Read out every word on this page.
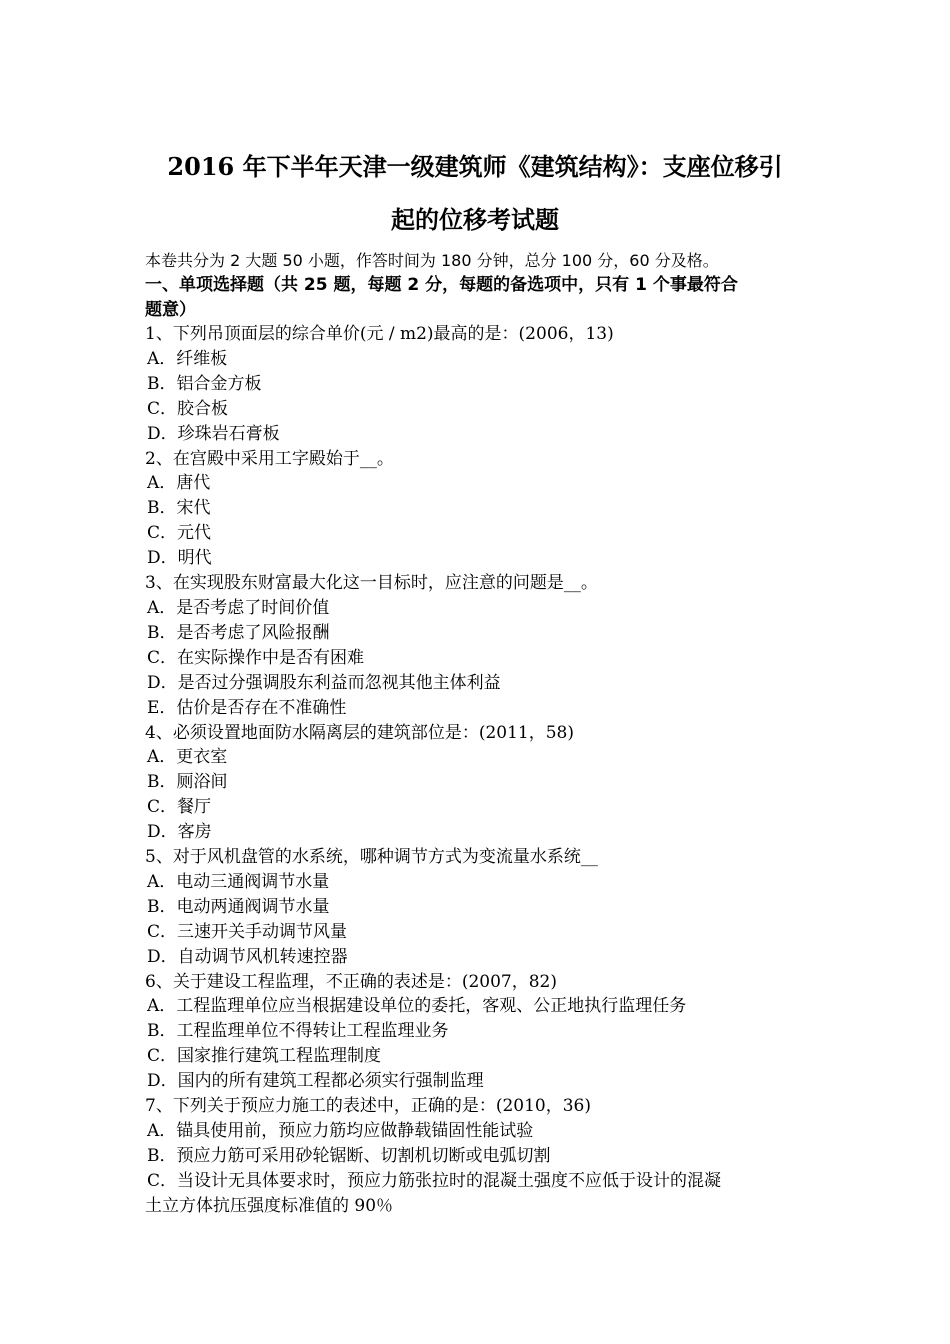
2016 年下半年天津一级建筑师《建筑结构》：支座位移引
起的位移考试题
本卷共分为 2 大题 50 小题，作答时间为 180 分钟，总分 100 分，60 分及格。
一、单项选择题（共 25 题，每题 2 分，每题的备选项中，只有 1 个事最符合
题意）
1、下列吊顶面层的综合单价(元 / m2)最高的是：(2006，13)
A．纤维板
B．铝合金方板
C．胶合板
D．珍珠岩石膏板
2、在宫殿中采用工字殿始于__。
A．唐代
B．宋代
C．元代
D．明代
3、在实现股东财富最大化这一目标时，应注意的问题是__。
A．是否考虑了时间价值
B．是否考虑了风险报酬
C．在实际操作中是否有困难
D．是否过分强调股东利益而忽视其他主体利益
E．估价是否存在不准确性
4、必须设置地面防水隔离层的建筑部位是：(2011，58)
A．更衣室
B．厕浴间
C．餐厅
D．客房
5、对于风机盘管的水系统，哪种调节方式为变流量水系统__
A．电动三通阀调节水量
B．电动两通阀调节水量
C．三速开关手动调节风量
D．自动调节风机转速控器
6、关于建设工程监理，不正确的表述是：(2007，82)
A．工程监理单位应当根据建设单位的委托，客观、公正地执行监理任务
B．工程监理单位不得转让工程监理业务
C．国家推行建筑工程监理制度
D．国内的所有建筑工程都必须实行强制监理
7、下列关于预应力施工的表述中，正确的是：(2010，36)
A．锚具使用前，预应力筋均应做静载锚固性能试验
B．预应力筋可采用砂轮锯断、切割机切断或电弧切割
C．当设计无具体要求时，预应力筋张拉时的混凝土强度不应低于设计的混凝
土立方体抗压强度标准值的 90％
